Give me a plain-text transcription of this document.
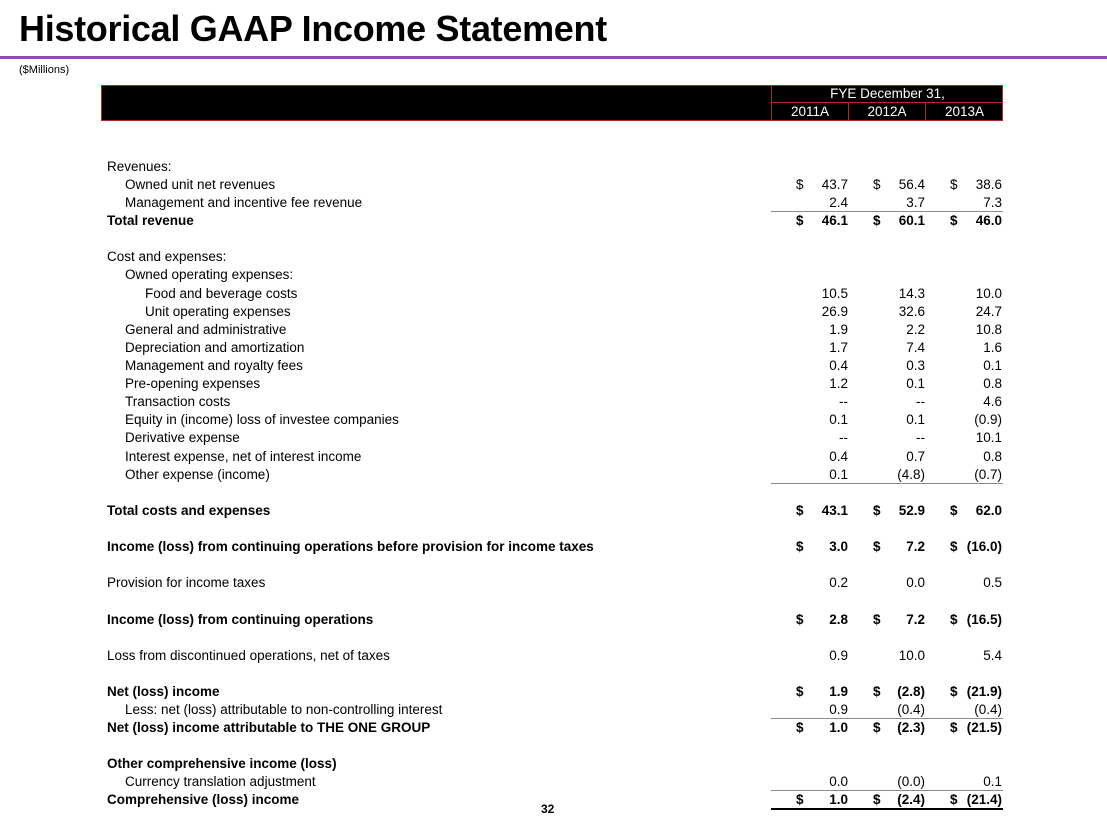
Historical GAAP Income Statement
($Millions)
FYE December 31,
2011A	2012A	2013A
Revenues:
Owned unit net revenues	$ 43.7 $ 56.4 $ 38.6
Management and incentive fee revenue	2.4	3.7	7.3
Total revenue	$ 46.1 $ 60.1 $ 46.0
Cost and expenses:
Owned operating expenses:
Food and beverage costs	10.5	14.3	10.0
Unit operating expenses	26.9	32.6	24.7
General and administrative	1.9	2.2	10.8
Depreciation and amortization	1.7	7.4	1.6
Management and royalty fees	0.4	0.3	0.1
Pre-opening expenses	1.2	0.1	0.8
Transaction costs	--	--	4.6
Equity in (income) loss of investee companies	0.1	0.1	(0.9)
Derivative expense	--	--	10.1
Interest expense, net of interest income	0.4	0.7	0.8
Other expense (income)	0.1	(4.8)	(0.7)
Total costs and expenses	$ 43.1 $ 52.9 $ 62.0
Income (loss) from continuing operations before provision for income taxes	$ 3.0 $ 7.2 $ (16.0)
Provision for income taxes	0.2	0.0	0.5
Income (loss) from continuing operations	$ 2.8 $ 7.2 $ (16.5)
Loss from discontinued operations, net of taxes	0.9	10.0	5.4
Net (loss) income	$ 1.9 $ (2.8) $ (21.9)
Less: net (loss) attributable to non-controlling interest	0.9	(0.4)	(0.4)
Net (loss) income attributable to THE ONE GROUP	$ 1.0 $ (2.3) $ (21.5)
Other comprehensive income (loss)
Currency translation adjustment	0.0	(0.0)	0.1
Comprehensive (loss) income	$ 1.0 $ (2.4) $ (21.4)
32
